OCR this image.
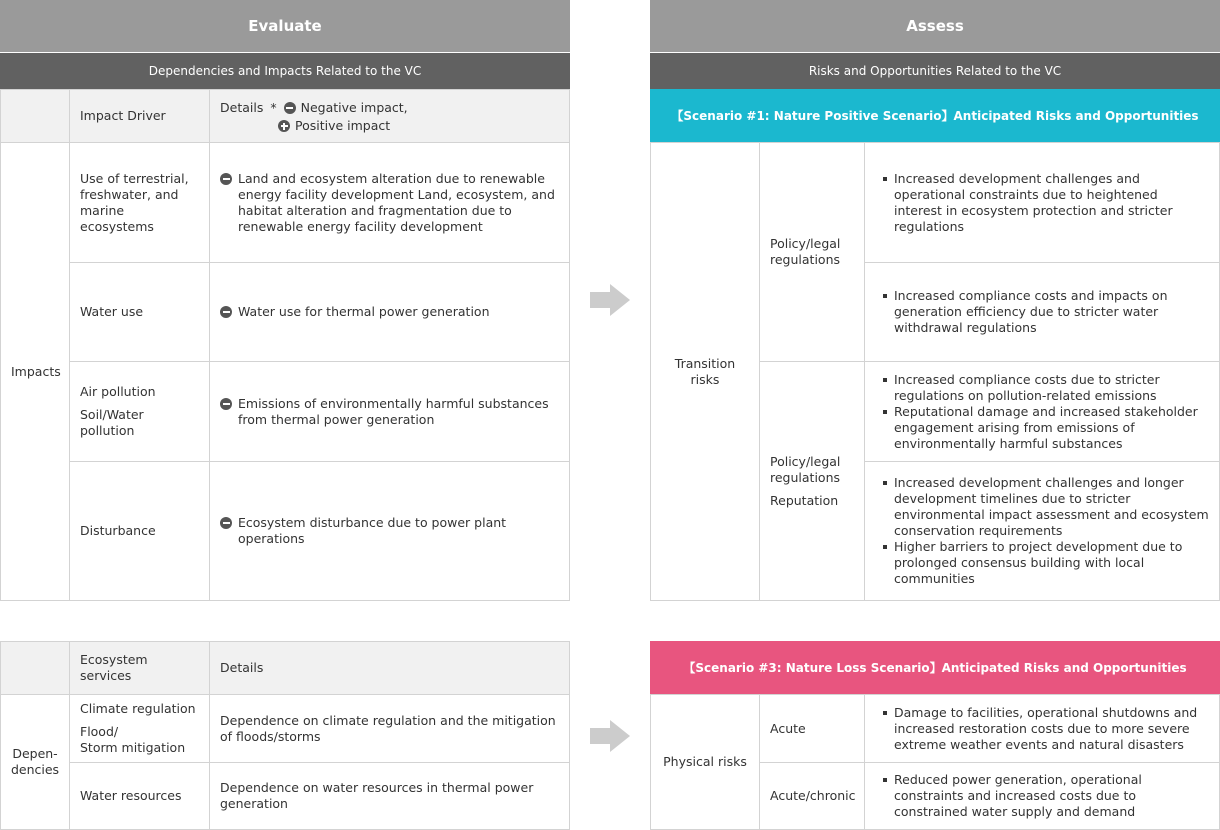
Evaluate
Dependencies and Impacts Related to the VC
Impact Driver
Details * Negative impact,
Positive impact
Impacts
Use of terrestrial, freshwater, and marine ecosystems
Land and ecosystem alteration due to renewable energy facility development Land, ecosystem, and habitat alteration and fragmentation due to renewable energy facility development
Water use	Water use for thermal power generation
Air pollution
Soil/Water pollution
Emissions of environmentally harmful substances from thermal power generation
Disturbance
Ecosystem disturbance due to power plant operations
Ecosystem services
Details
Depen-
dencies
Climate regulation
Flood/
Storm mitigation
Dependence on climate regulation and the mitigation of floods/storms
Water resources
Dependence on water resources in thermal power generation
Assess
Risks and Opportunities Related to the VC
【Scenario #1: Nature Positive Scenario】Anticipated Risks and Opportunities
Transition risks
Policy/legal
regulations
Increased development challenges and operational constraints due to heightened interest in ecosystem protection and stricter regulations
Increased compliance costs and impacts on generation efficiency due to stricter water withdrawal regulations
Policy/legal
regulations
Reputation
Increased compliance costs due to stricter regulations on pollution-related emissions
Reputational damage and increased stakeholder engagement arising from emissions of environmentally harmful substances
Increased development challenges and longer development timelines due to stricter environmental impact assessment and ecosystem conservation requirements
Higher barriers to project development due to prolonged consensus building with local communities
【Scenario #3: Nature Loss Scenario】Anticipated Risks and Opportunities
Physical risks
Acute
Damage to facilities, operational shutdowns and increased restoration costs due to more severe extreme weather events and natural disasters
Acute/chronic
Reduced power generation, operational constraints and increased costs due to constrained water supply and demand
